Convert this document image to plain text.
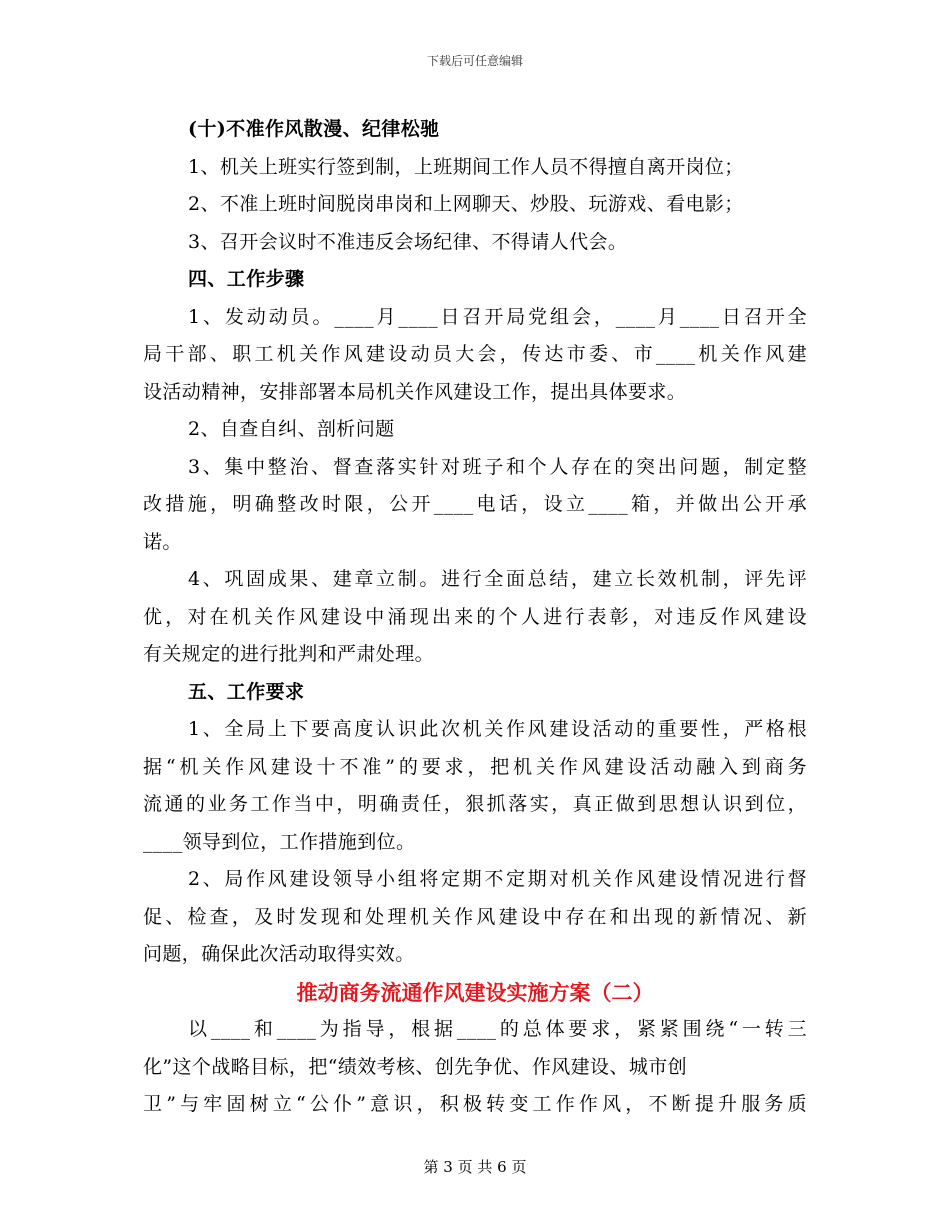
下载后可任意编辑
(十)不准作风散漫、纪律松驰
1、机关上班实行签到制，上班期间工作人员不得擅自离开岗位；
2、不准上班时间脱岗串岗和上网聊天、炒股、玩游戏、看电影；
3、召开会议时不准违反会场纪律、不得请人代会。
四、工作步骤
1、发动动员。____月____日召开局党组会，____月____日召开全
局干部、职工机关作风建设动员大会，传达市委、市____机关作风建
设活动精神，安排部署本局机关作风建设工作，提出具体要求。
2、自查自纠、剖析问题
3、集中整治、督查落实针对班子和个人存在的突出问题，制定整
改措施，明确整改时限，公开____电话，设立____箱，并做出公开承
诺。
4、巩固成果、建章立制。进行全面总结，建立长效机制，评先评
优，对在机关作风建设中涌现出来的个人进行表彰，对违反作风建设
有关规定的进行批判和严肃处理。
五、工作要求
1、全局上下要高度认识此次机关作风建设活动的重要性，严格根
据“机关作风建设十不准”的要求，把机关作风建设活动融入到商务
流通的业务工作当中，明确责任，狠抓落实，真正做到思想认识到位，
____领导到位，工作措施到位。
2、局作风建设领导小组将定期不定期对机关作风建设情况进行督
促、检查，及时发现和处理机关作风建设中存在和出现的新情况、新
问题，确保此次活动取得实效。
推动商务流通作风建设实施方案（二）
以____和____为指导，根据____的总体要求，紧紧围绕“一转三
化”这个战略目标，把“绩效考核、创先争优、作风建设、城市创
卫”与牢固树立“公仆”意识，积极转变工作作风，不断提升服务质
第 3 页 共 6 页
